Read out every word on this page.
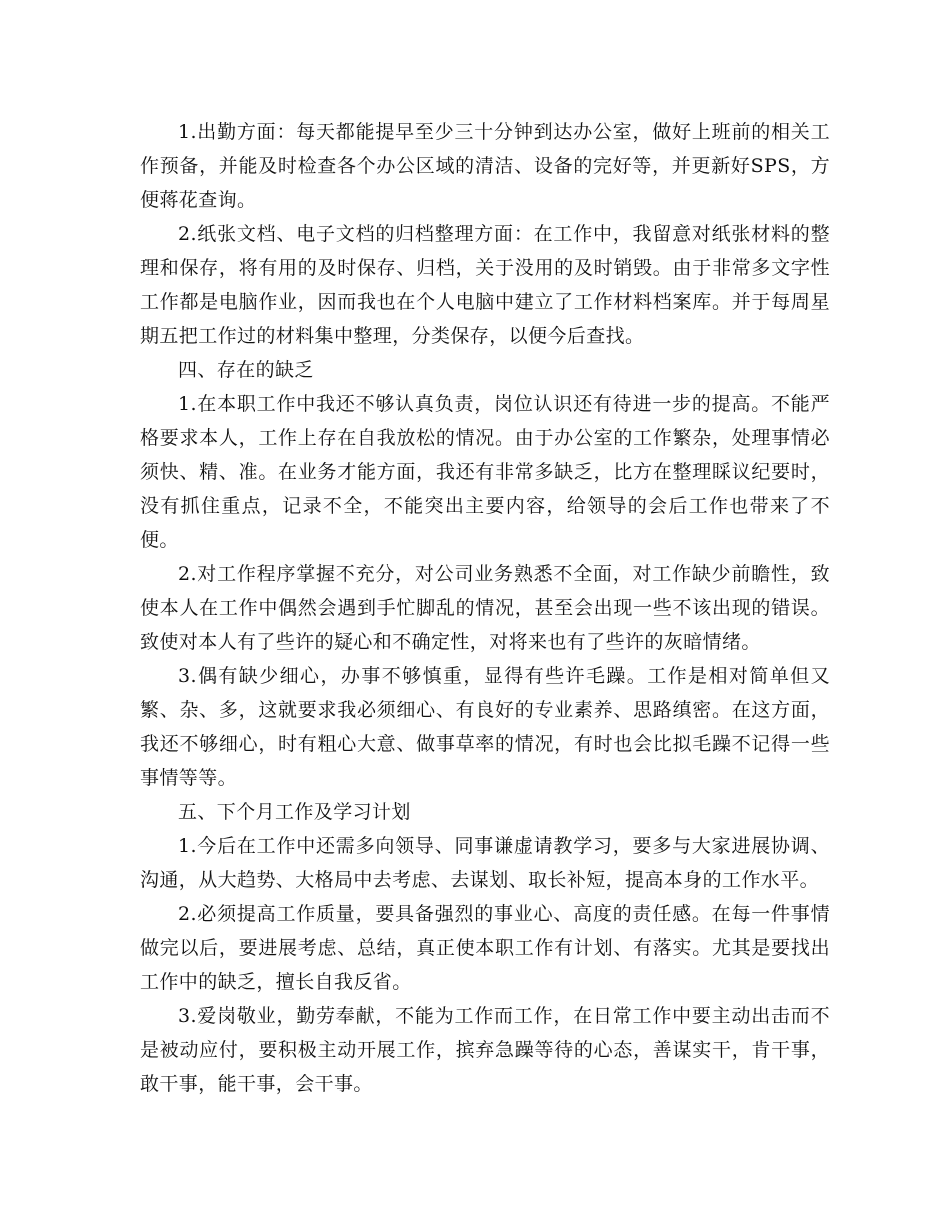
1.出勤方面：每天都能提早至少三十分钟到达办公室，做好上班前的相关工作预备，并能及时检查各个办公区域的清洁、设备的完好等，并更新好SPS，方便蒋花查询。

2.纸张文档、电子文档的归档整理方面：在工作中，我留意对纸张材料的整理和保存，将有用的及时保存、归档，关于没用的及时销毁。由于非常多文字性工作都是电脑作业，因而我也在个人电脑中建立了工作材料档案库。并于每周星期五把工作过的材料集中整理，分类保存，以便今后查找。

四、存在的缺乏

1.在本职工作中我还不够认真负责，岗位认识还有待进一步的提高。不能严格要求本人，工作上存在自我放松的情况。由于办公室的工作繁杂，处理事情必须快、精、准。在业务才能方面，我还有非常多缺乏，比方在整理睬议纪要时，没有抓住重点，记录不全，不能突出主要内容，给领导的会后工作也带来了不便。

2.对工作程序掌握不充分，对公司业务熟悉不全面，对工作缺少前瞻性，致使本人在工作中偶然会遇到手忙脚乱的情况，甚至会出现一些不该出现的错误。致使对本人有了些许的疑心和不确定性，对将来也有了些许的灰暗情绪。

3.偶有缺少细心，办事不够慎重，显得有些许毛躁。工作是相对简单但又繁、杂、多，这就要求我必须细心、有良好的专业素养、思路缜密。在这方面，我还不够细心，时有粗心大意、做事草率的情况，有时也会比拟毛躁不记得一些事情等等。

五、下个月工作及学习计划

1.今后在工作中还需多向领导、同事谦虚请教学习，要多与大家进展协调、沟通，从大趋势、大格局中去考虑、去谋划、取长补短，提高本身的工作水平。

2.必须提高工作质量，要具备强烈的事业心、高度的责任感。在每一件事情做完以后，要进展考虑、总结，真正使本职工作有计划、有落实。尤其是要找出工作中的缺乏，擅长自我反省。

3.爱岗敬业，勤劳奉献，不能为工作而工作，在日常工作中要主动出击而不是被动应付，要积极主动开展工作，摈弃急躁等待的心态，善谋实干，肯干事，敢干事，能干事，会干事。
